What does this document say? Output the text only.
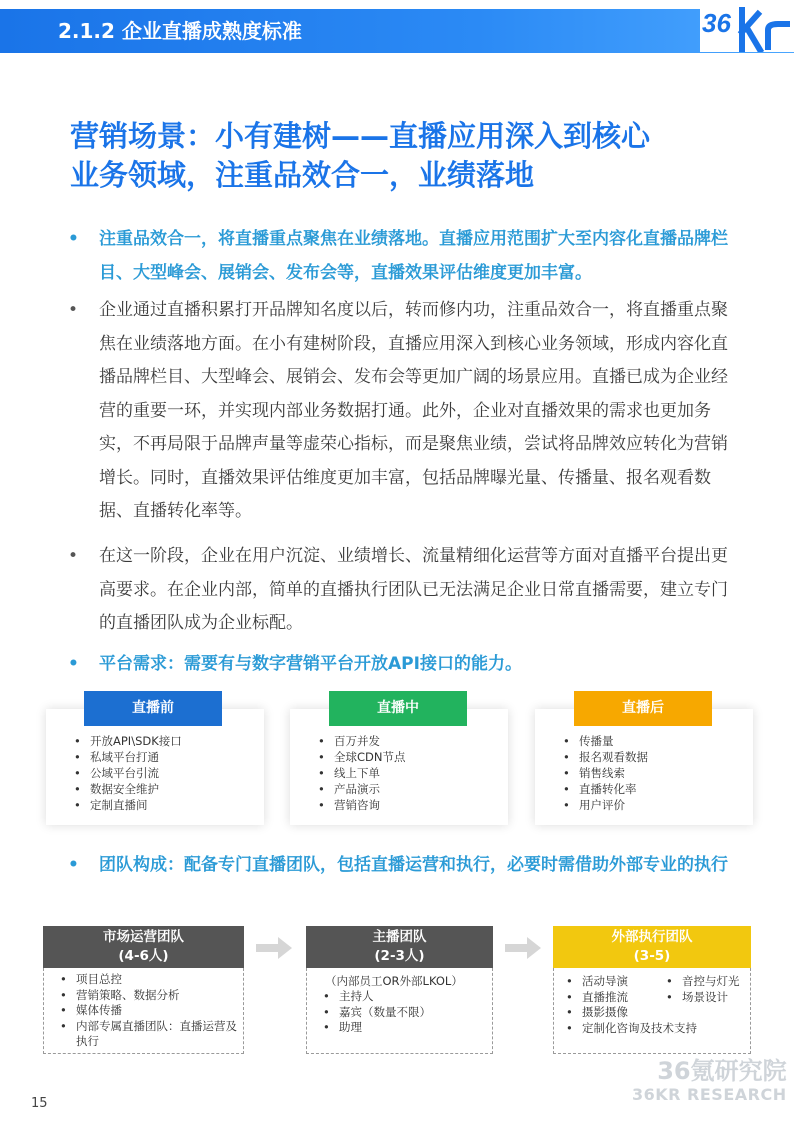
2.1.2 企业直播成熟度标准	36
营销场景：小有建树——直播应用深入到核心
业务领域，注重品效合一，业绩落地
•	注重品效合一，将直播重点聚焦在业绩落地。直播应用范围扩大至内容化直播品牌栏目、大型峰会、展销会、发布会等，直播效果评估维度更加丰富。
•	企业通过直播积累打开品牌知名度以后，转而修内功，注重品效合一，将直播重点聚焦在业绩落地方面。在小有建树阶段，直播应用深入到核心业务领域，形成内容化直播品牌栏目、大型峰会、展销会、发布会等更加广阔的场景应用。直播已成为企业经营的重要一环，并实现内部业务数据打通。此外，企业对直播效果的需求也更加务实，不再局限于品牌声量等虚荣心指标，而是聚焦业绩，尝试将品牌效应转化为营销增长。同时，直播效果评估维度更加丰富，包括品牌曝光量、传播量、报名观看数据、直播转化率等。
•	在这一阶段，企业在用户沉淀、业绩增长、流量精细化运营等方面对直播平台提出更高要求。在企业内部，简单的直播执行团队已无法满足企业日常直播需要，建立专门的直播团队成为企业标配。
•	平台需求：需要有与数字营销平台开放API接口的能力。
• 开放API\SDK接口
• 私域平台打通
• 公域平台引流
• 数据安全维护
• 定制直播间
直播前
• 百万并发
• 全球CDN节点
• 线上下单
• 产品演示
• 营销咨询
直播中
• 传播量
• 报名观看数据
• 销售线索
• 直播转化率
• 用户评价
直播后
•	团队构成：配备专门直播团队，包括直播运营和执行，必要时需借助外部专业的执行
市场运营团队
(4-6人)
• 项目总控
• 营销策略、数据分析
• 媒体传播
• 内部专属直播团队：直播运营及执行
主播团队
(2-3人)
（内部员工OR外部LKOL）
• 主持人
• 嘉宾（数量不限）
• 助理
外部执行团队
(3-5)
• 活动导演
• 直播推流
• 摄影摄像
• 音控与灯光
• 场景设计
• 定制化咨询及技术支持
36氪研究院
36KR RESEARCH
15
